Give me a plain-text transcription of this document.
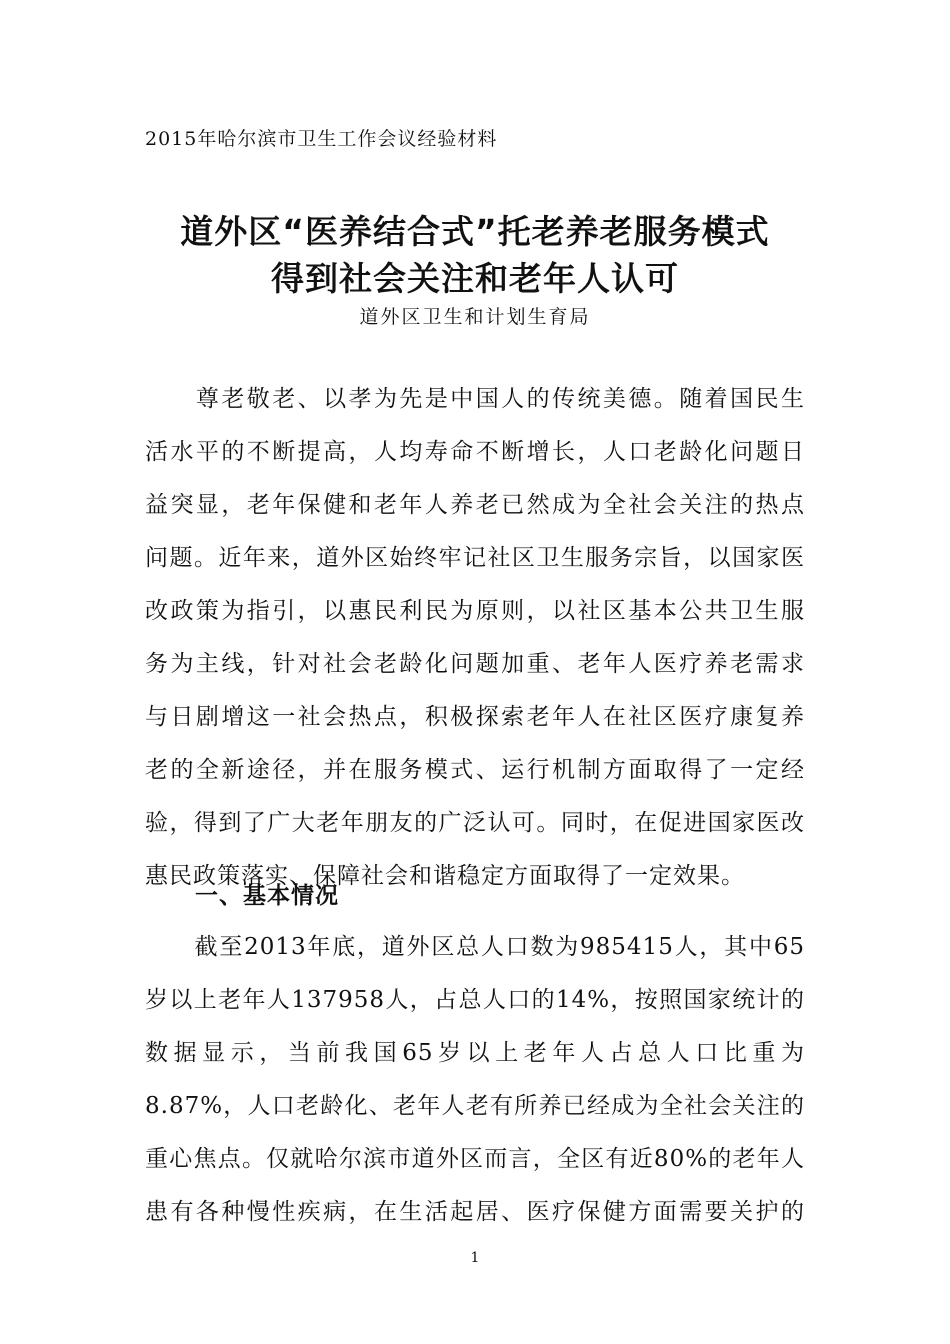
2015年哈尔滨市卫生工作会议经验材料
道外区“医养结合式”托老养老服务模式
得到社会关注和老年人认可
道外区卫生和计划生育局
　　尊老敬老、以孝为先是中国人的传统美德。随着国民生
活水平的不断提高，人均寿命不断增长，人口老龄化问题日
益突显，老年保健和老年人养老已然成为全社会关注的热点
问题。近年来，道外区始终牢记社区卫生服务宗旨，以国家医
改政策为指引，以惠民利民为原则，以社区基本公共卫生服
务为主线，针对社会老龄化问题加重、老年人医疗养老需求
与日剧增这一社会热点，积极探索老年人在社区医疗康复养
老的全新途径，并在服务模式、运行机制方面取得了一定经
验，得到了广大老年朋友的广泛认可。同时，在促进国家医改
惠民政策落实、保障社会和谐稳定方面取得了一定效果。
一、基本情况
　　截至2013年底，道外区总人口数为985415人，其中65
岁以上老年人137958人，占总人口的14%，按照国家统计的
数据显示，当前我国65岁以上老年人占总人口比重为
8.87%，人口老龄化、老年人老有所养已经成为全社会关注的
重心焦点。仅就哈尔滨市道外区而言，全区有近80%的老年人
患有各种慢性疾病，在生活起居、医疗保健方面需要关护的
1
